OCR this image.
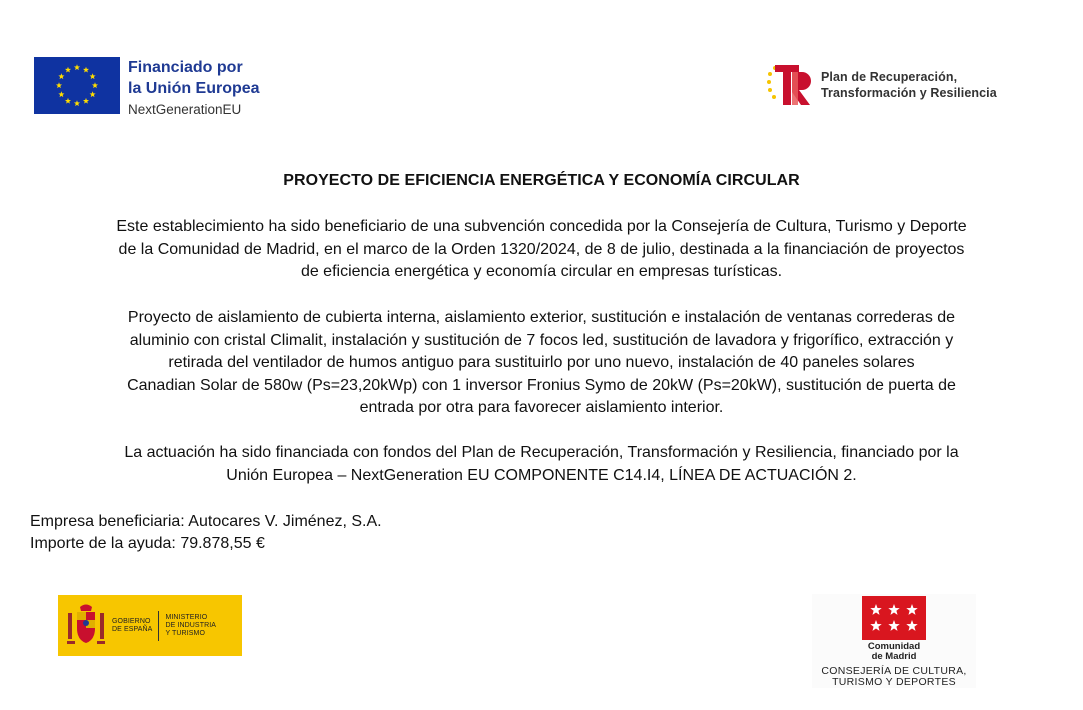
Financiado por
la Unión Europea
NextGenerationEU
Plan de Recuperación,
Transformación y Resiliencia
PROYECTO DE EFICIENCIA ENERGÉTICA Y ECONOMÍA CIRCULAR
Este establecimiento ha sido beneficiario de una subvención concedida por la Consejería de Cultura, Turismo y Deporte
de la Comunidad de Madrid, en el marco de la Orden 1320/2024, de 8 de julio, destinada a la financiación de proyectos
de eficiencia energética y economía circular en empresas turísticas.
Proyecto de aislamiento de cubierta interna, aislamiento exterior, sustitución e instalación de ventanas correderas de
aluminio con cristal Climalit, instalación y sustitución de 7 focos led, sustitución de lavadora y frigorífico, extracción y
retirada del ventilador de humos antiguo para sustituirlo por uno nuevo, instalación de 40 paneles solares
Canadian Solar de 580w (Ps=23,20kWp) con 1 inversor Fronius Symo de 20kW (Ps=20kW), sustitución de puerta de
entrada por otra para favorecer aislamiento interior.
La actuación ha sido financiada con fondos del Plan de Recuperación, Transformación y Resiliencia, financiado por la
Unión Europea – NextGeneration EU COMPONENTE C14.I4, LÍNEA DE ACTUACIÓN 2.
Empresa beneficiaria: Autocares V. Jiménez, S.A.
Importe de la ayuda: 79.878,55 €
GOBIERNO
DE ESPAÑA
MINISTERIO
DE INDUSTRIA
Y TURISMO
Comunidad
de Madrid
CONSEJERÍA DE CULTURA,
TURISMO Y DEPORTES
